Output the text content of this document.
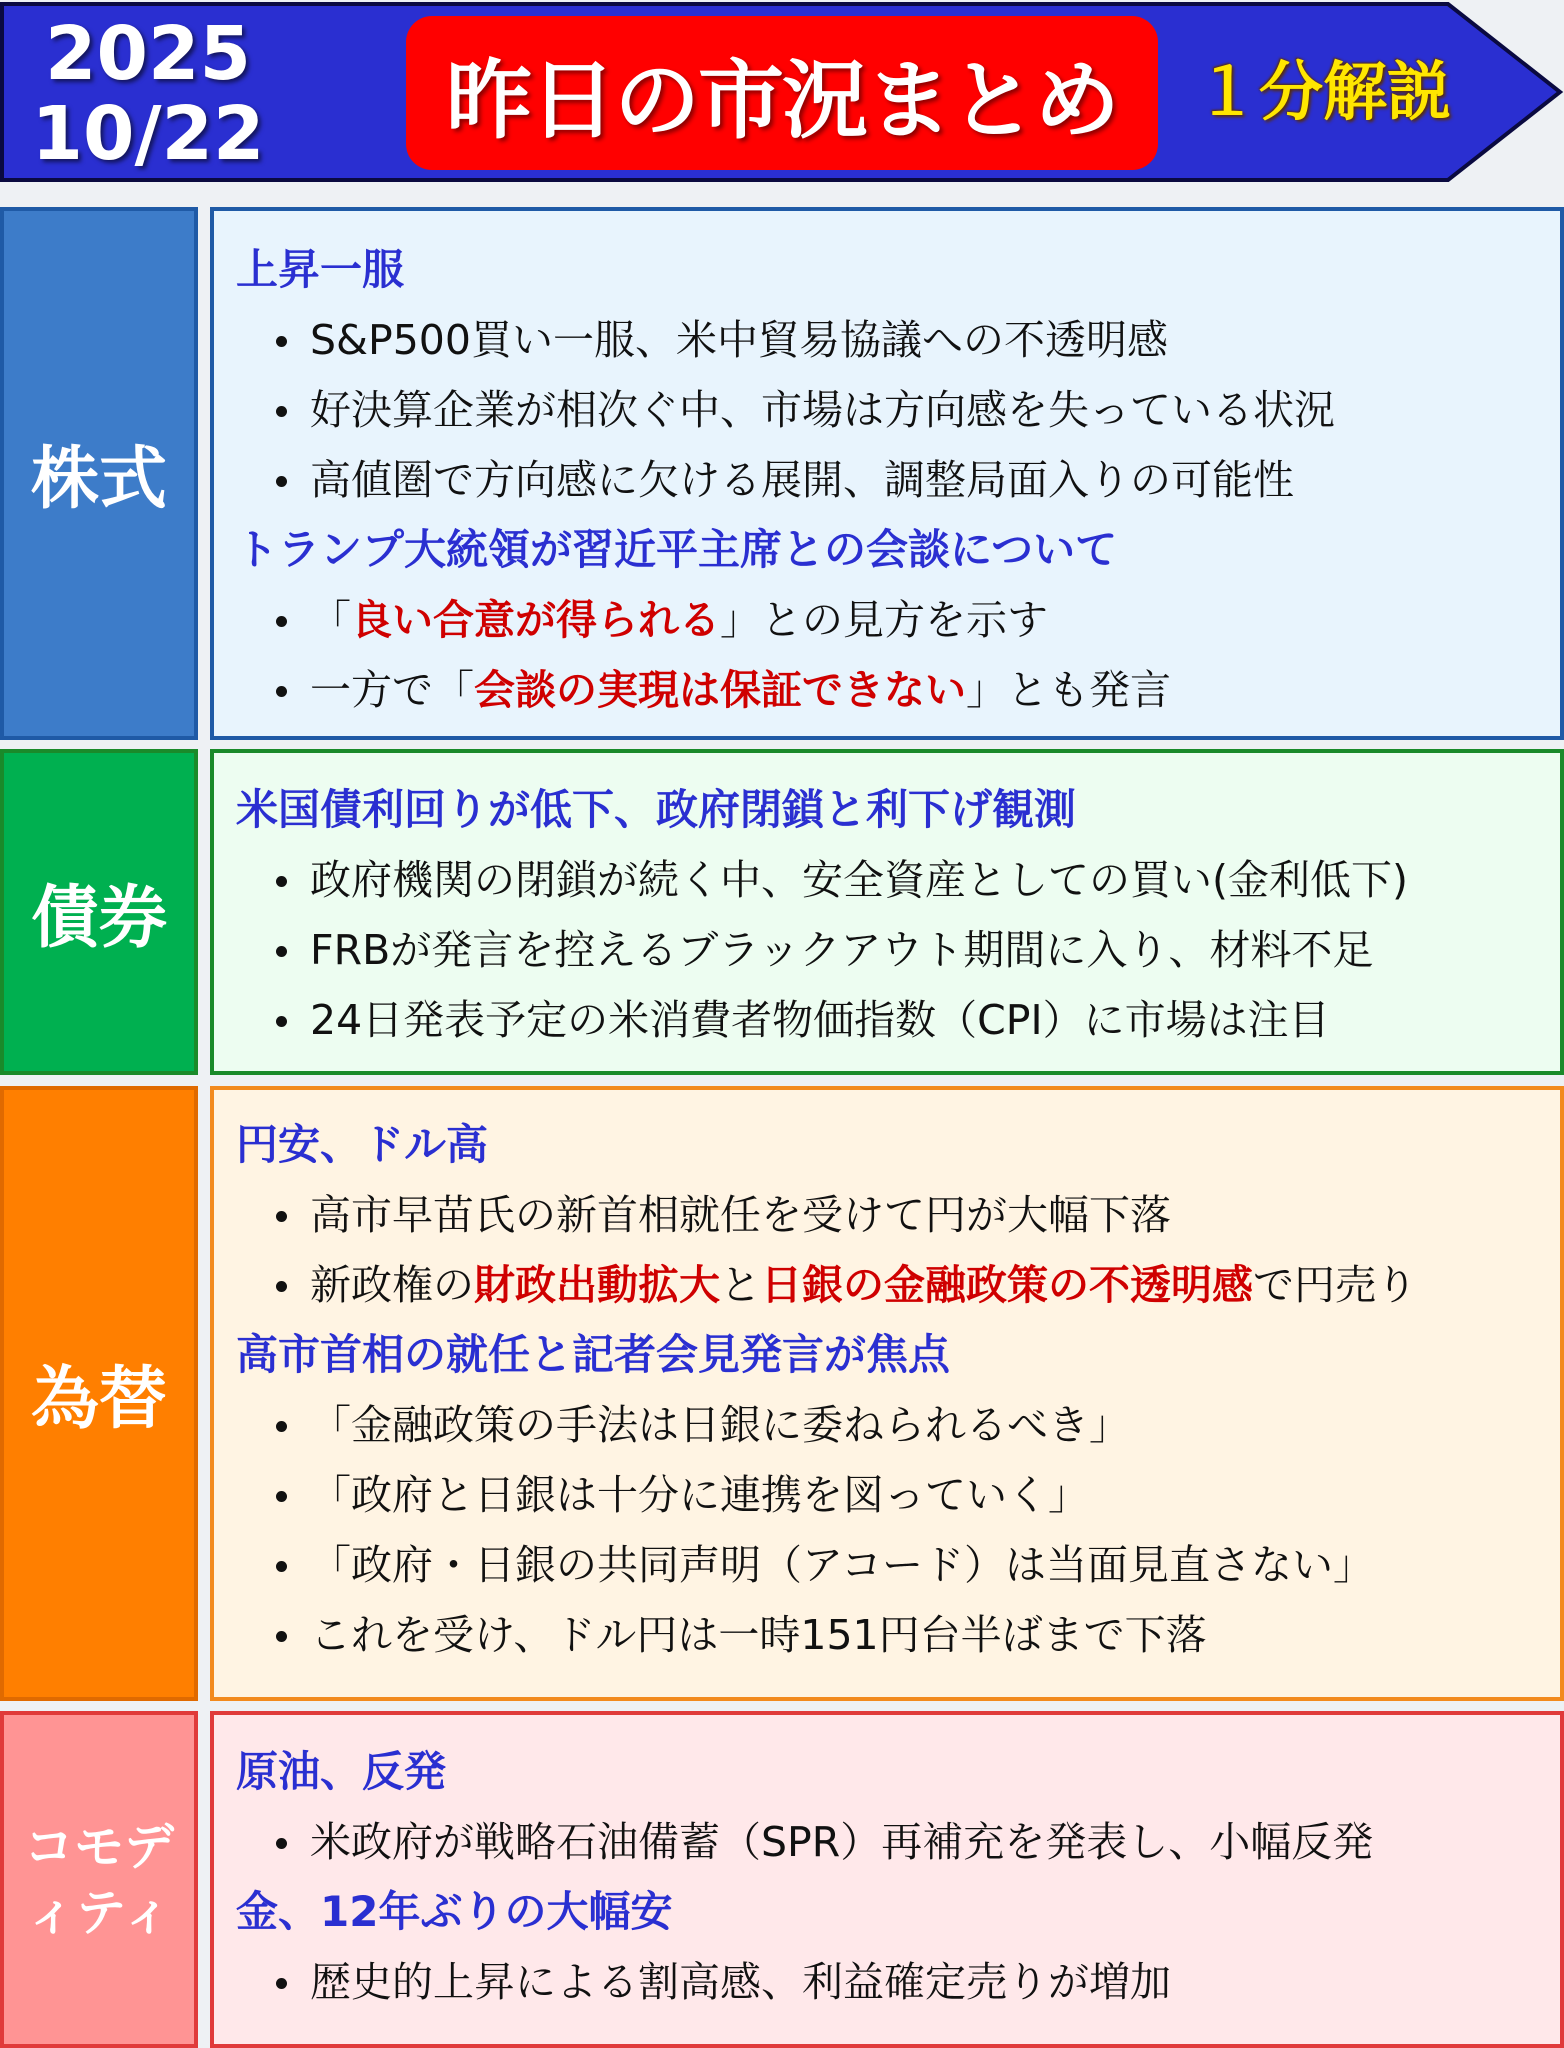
2025
10/22 昨日の市況まとめ １分解説
株式
上昇一服
S&P500買い一服、米中貿易協議への不透明感
好決算企業が相次ぐ中、市場は方向感を失っている状況
高値圏で方向感に欠ける展開、調整局面入りの可能性
トランプ大統領が習近平主席との会談について
「良い合意が得られる」との見方を示す
一方で「会談の実現は保証できない」とも発言
債券
米国債利回りが低下、政府閉鎖と利下げ観測
政府機関の閉鎖が続く中、安全資産としての買い(金利低下)
FRBが発言を控えるブラックアウト期間に入り、材料不足
24日発表予定の米消費者物価指数（CPI）に市場は注目
為替
円安、ドル高
高市早苗氏の新首相就任を受けて円が大幅下落
新政権の財政出動拡大と日銀の金融政策の不透明感で円売り
高市首相の就任と記者会見発言が焦点
「金融政策の手法は日銀に委ねられるべき」
「政府と日銀は十分に連携を図っていく」
「政府・日銀の共同声明（アコード）は当面見直さない」
これを受け、ドル円は一時151円台半ばまで下落
コモデ
ィティ
原油、反発
米政府が戦略石油備蓄（SPR）再補充を発表し、小幅反発
金、12年ぶりの大幅安
歴史的上昇による割高感、利益確定売りが増加
